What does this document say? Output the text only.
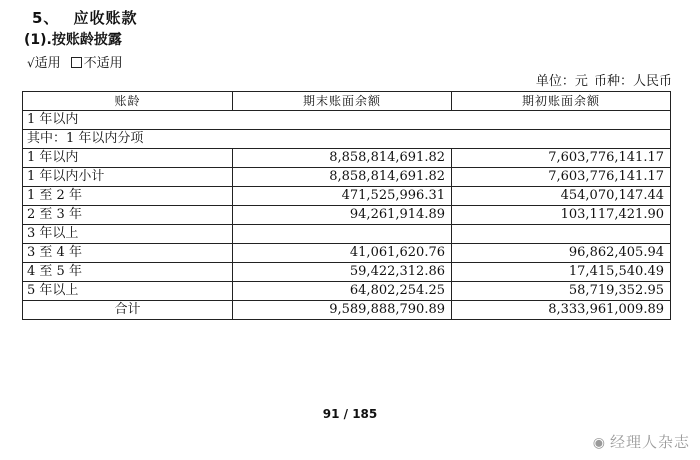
5、 应收账款
(1).按账龄披露
√适用 不适用
单位：元 币种：人民币
账龄	期末账面余额	期初账面余额
1 年以内		
其中：1 年以内分项		
1 年以内	8,858,814,691.82	7,603,776,141.17
1 年以内小计	8,858,814,691.82	7,603,776,141.17
1 至 2 年	471,525,996.31	454,070,147.44
2 至 3 年	94,261,914.89	103,117,421.90
3 年以上		
3 至 4 年	41,061,620.76	96,862,405.94
4 至 5 年	59,422,312.86	17,415,540.49
5 年以上	64,802,254.25	58,719,352.95
合计	9,589,888,790.89	8,333,961,009.89
91 / 185
◉ 经理人杂志
